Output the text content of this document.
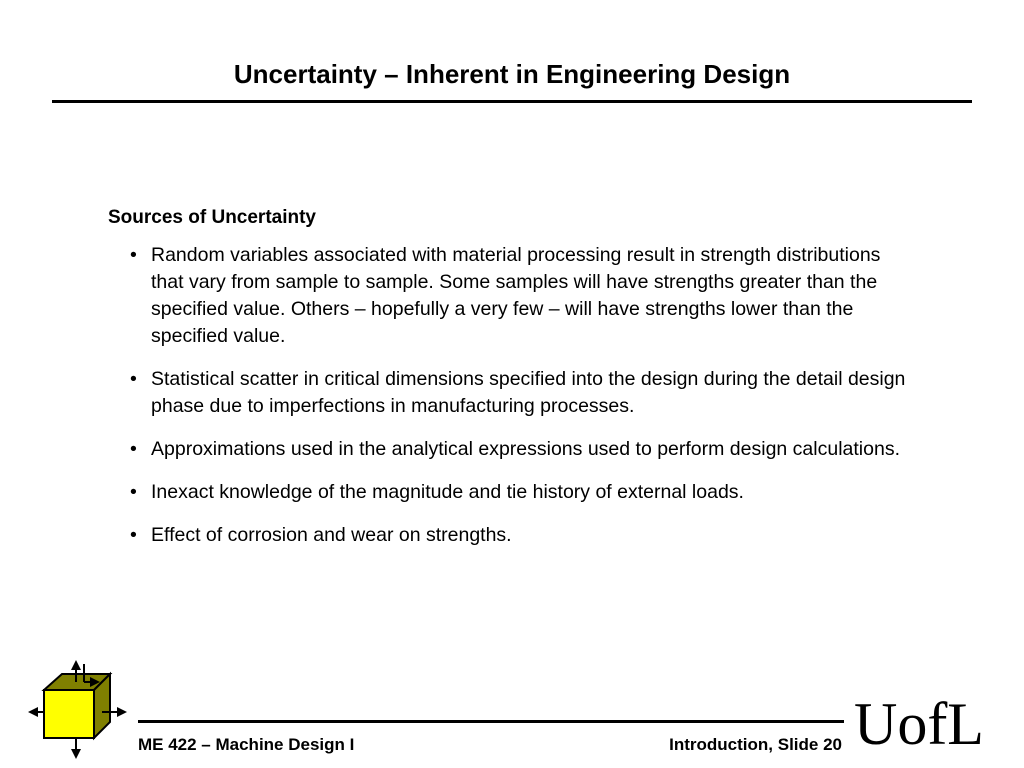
Uncertainty – Inherent in Engineering Design
Sources of Uncertainty
• Random variables associated with material processing result in strength distributions that vary from sample to sample. Some samples will have strengths greater than the specified value. Others – hopefully a very few – will have strengths lower than the specified value.
• Statistical scatter in critical dimensions specified into the design during the detail design phase due to imperfections in manufacturing processes.
• Approximations used in the analytical expressions used to perform design calculations.
• Inexact knowledge of the magnitude and tie history of external loads.
• Effect of corrosion and wear on strengths.
ME 422 – Machine Design I	Introduction, Slide 20 UofL
